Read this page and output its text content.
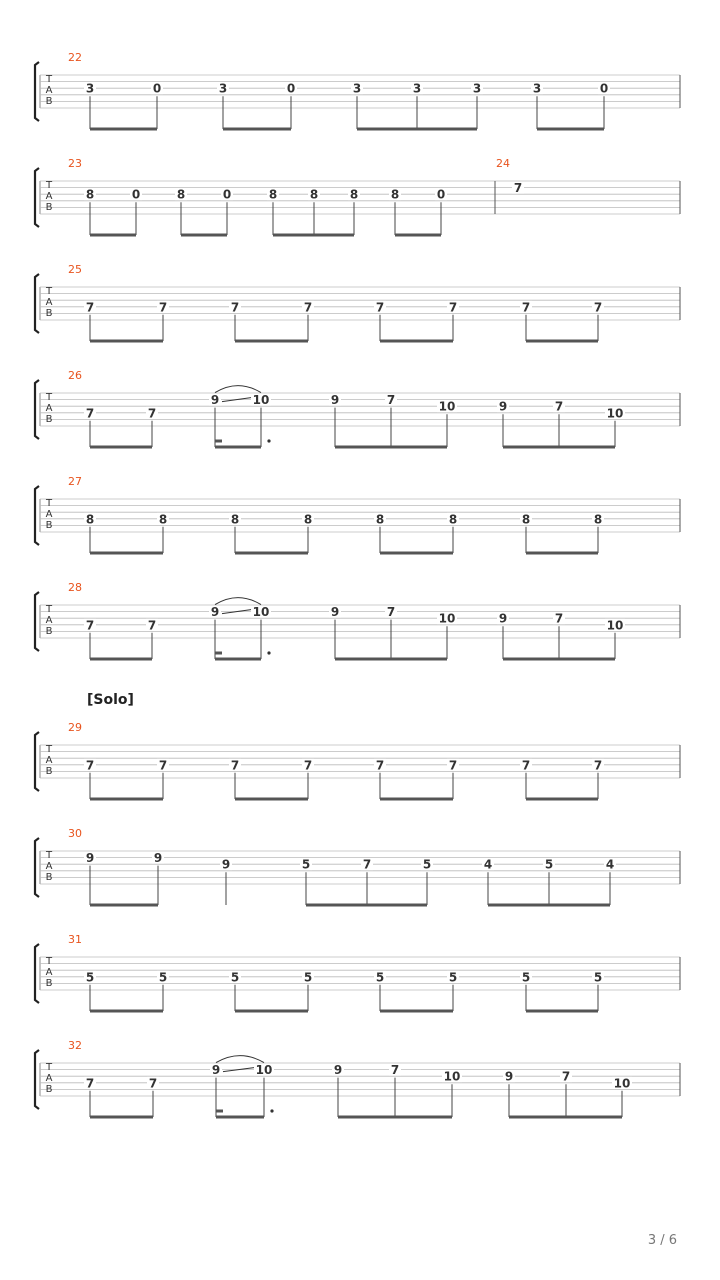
3 / 6
T
A
B
22
3	0	3	0	3	3	3	3	0
T
A
B
23
8	0	8	0	8	8	8	8	0
24
7
T
A
B
25
7	7	7	7	7	7	7	7
T
A
B
26
7	7
9	10	9	7	10	9	7	10
T
A
B
27
8	8	8	8	8	8	8	8
T
A
B
28
7	7
9	10	9	7	10	9	7	10
[Solo]
T
A
B
29
7	7	7	7	7	7	7	7
T
A
B
30
9	9	9	5	7	5	4	5	4
T
A
B
31
5	5	5	5	5	5	5	5
T
A
B
32
7	7
9	10	9	7	10	9	7	10
